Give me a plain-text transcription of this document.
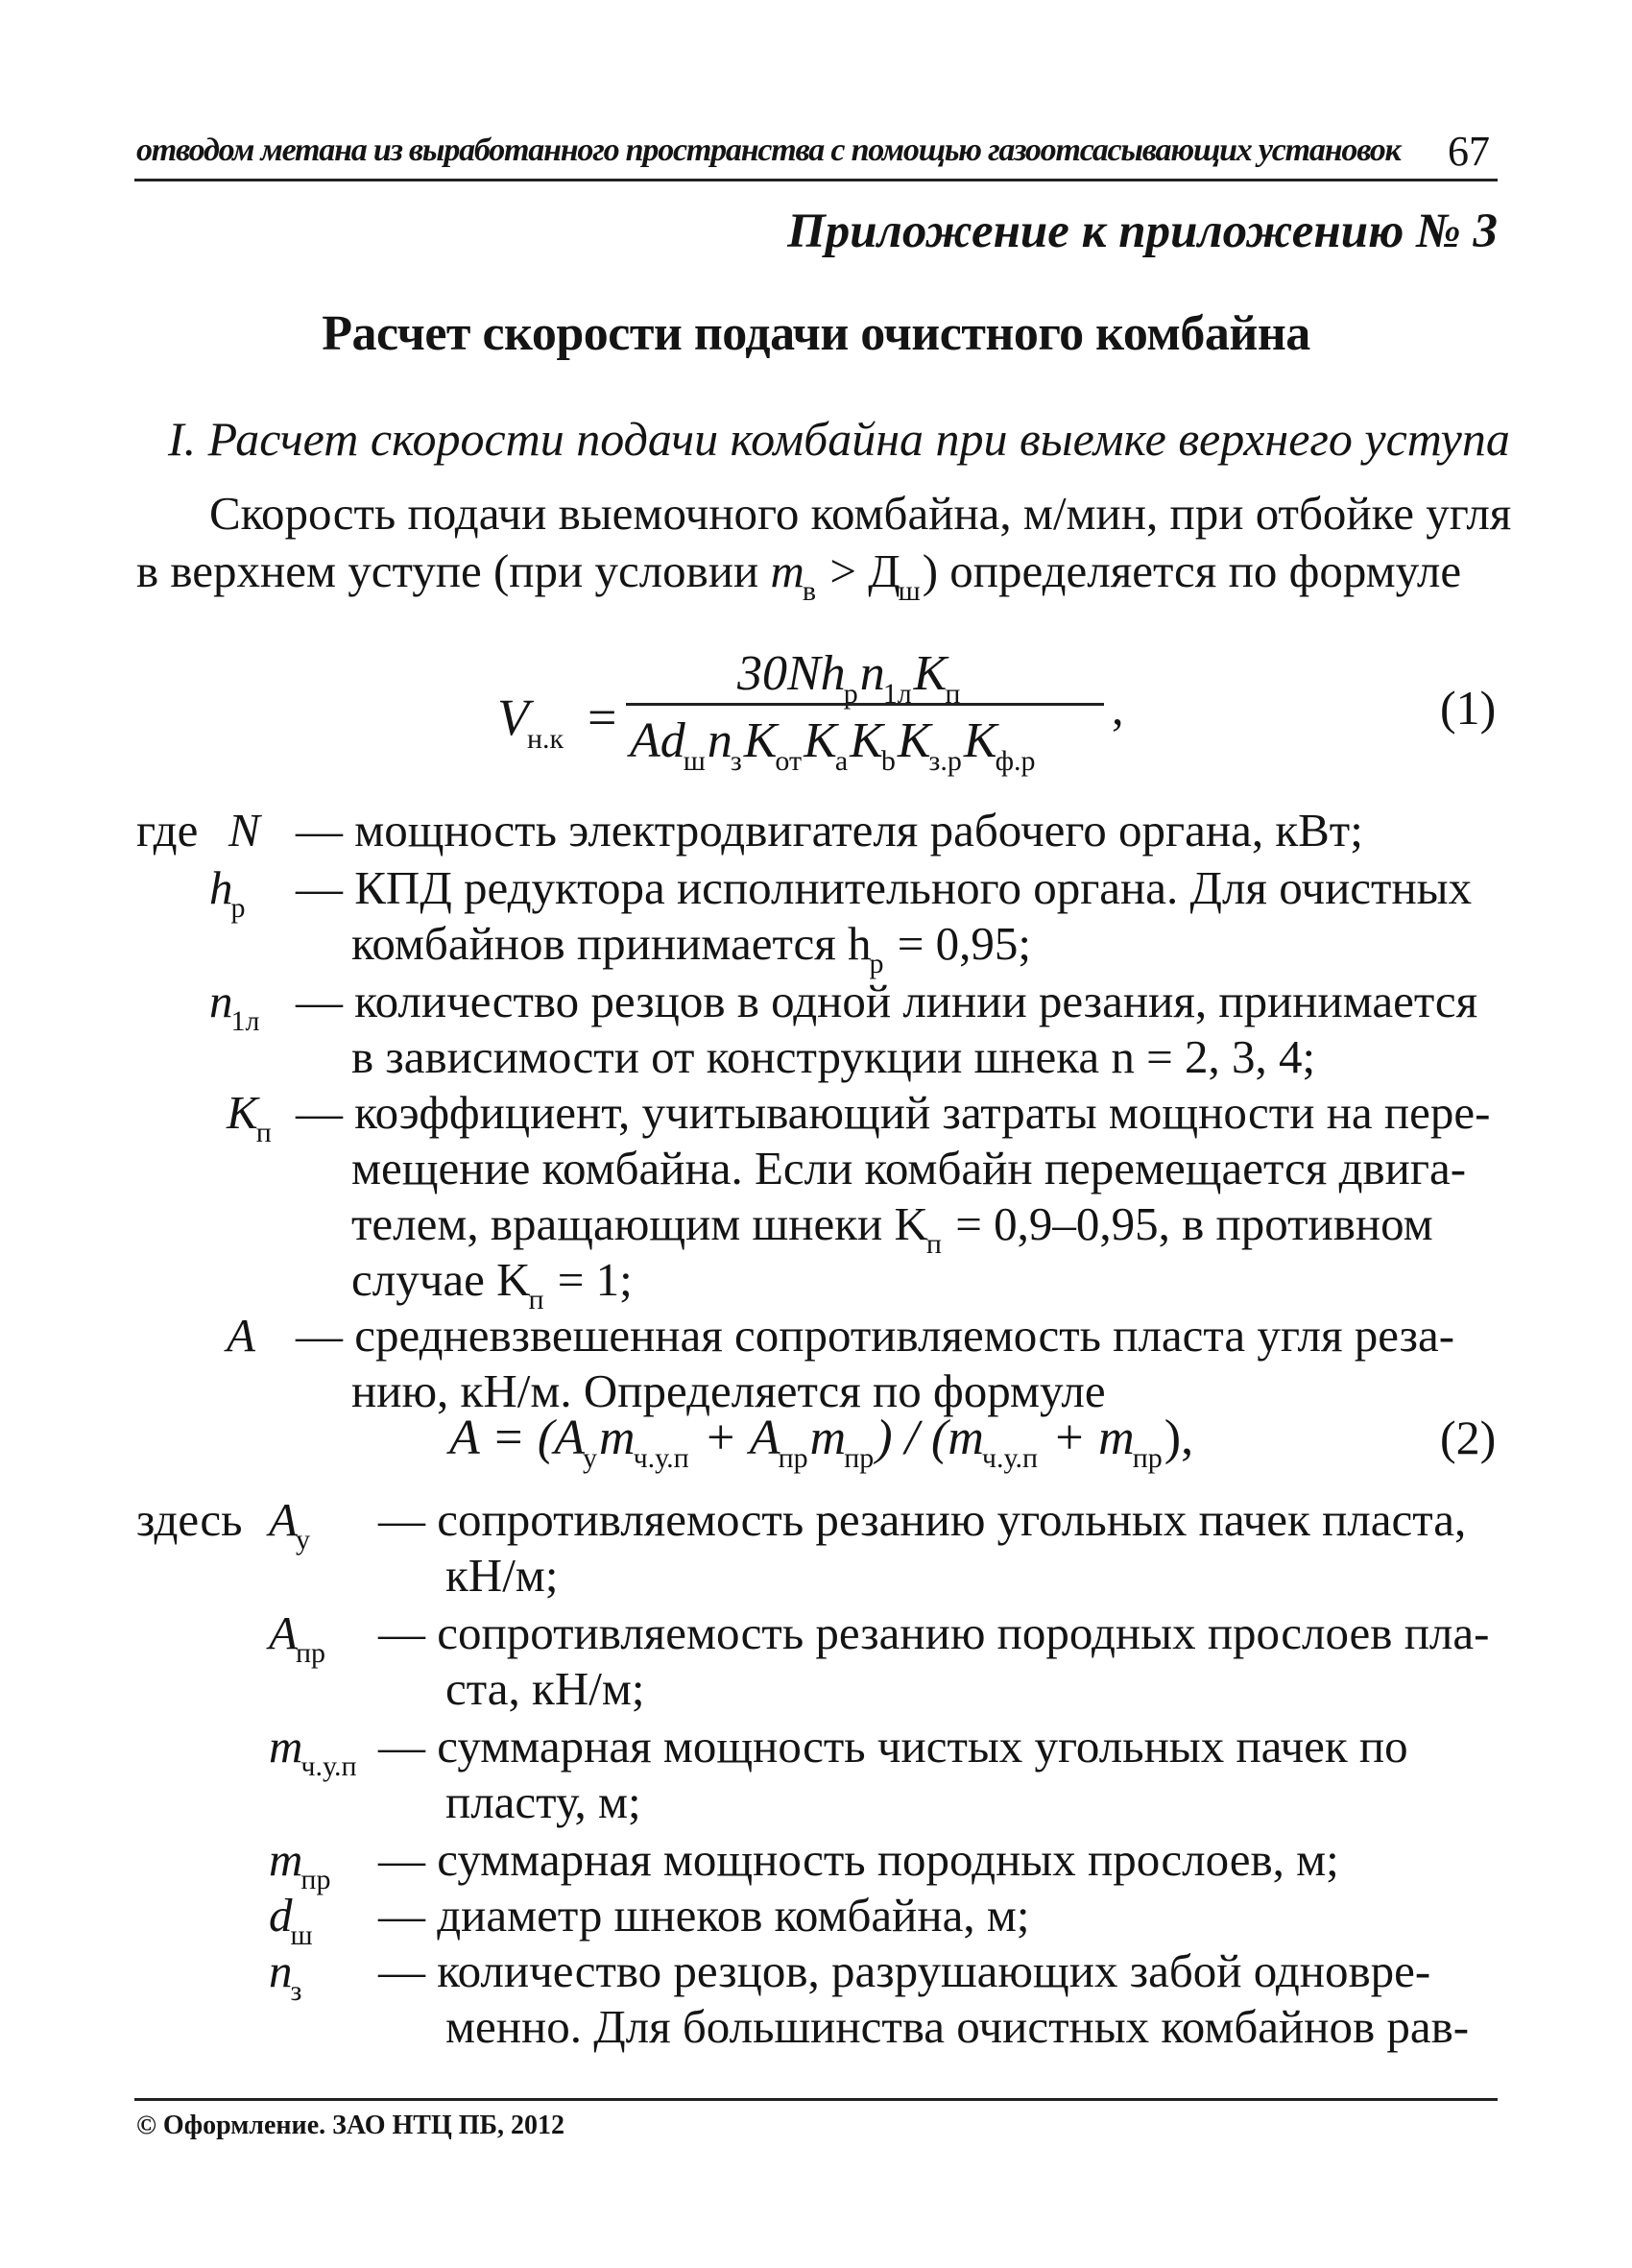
отводом метана из выработанного пространства с помощью газоотсасывающих установок 67
Приложение к приложению № 3
Расчет скорости подачи очистного комбайна
I. Расчет скорости подачи комбайна при выемке верхнего уступа
Скорость подачи выемочного комбайна, м/мин, при отбойке угля
в верхнем уступе (при условии $m_в > Д_ш$) определяется по формуле
$V_{н.к}$ =
$30Nh_рn_{1л}K_п$
$Ad_шn_зK_{от}K_aK_bK_{з.р}K_{ф.р}$
,	(1)
где N — мощность электродвигателя рабочего органа, кВт;
$h_р$ — КПД редуктора исполнительного органа. Для очистных
комбайнов принимается $h_р = 0,95$;
$n_{1л}$ — количество резцов в одной линии резания, принимается
в зависимости от конструкции шнека n = 2, 3, 4;
$K_п$ — коэффициент, учитывающий затраты мощности на пере-
мещение комбайна. Если комбайн перемещается двига-
телем, вращающим шнеки $K_п = 0,9-0,95$, в противном
случае $K_п = 1$;
A — средневзвешенная сопротивляемость пласта угля реза-
нию, кН/м. Определяется по формуле
$A = (A_уm_{ч.у.п} + A_{пр}m_{пр}) / (m_{ч.у.п} + m_{пр})$,	(2)
здесь $A_у$ — сопротивляемость резанию угольных пачек пласта,
кН/м;
$A_{пр}$ — сопротивляемость резанию породных прослоев пла-
ста, кН/м;
$m_{ч.у.п}$ — суммарная мощность чистых угольных пачек по
пласту, м;
$m_{пр}$ — суммарная мощность породных прослоев, м;
$d_ш$ — диаметр шнеков комбайна, м;
$n_з$ — количество резцов, разрушающих забой одновре-
менно. Для большинства очистных комбайнов рав-
© Оформление. ЗАО НТЦ ПБ, 2012
